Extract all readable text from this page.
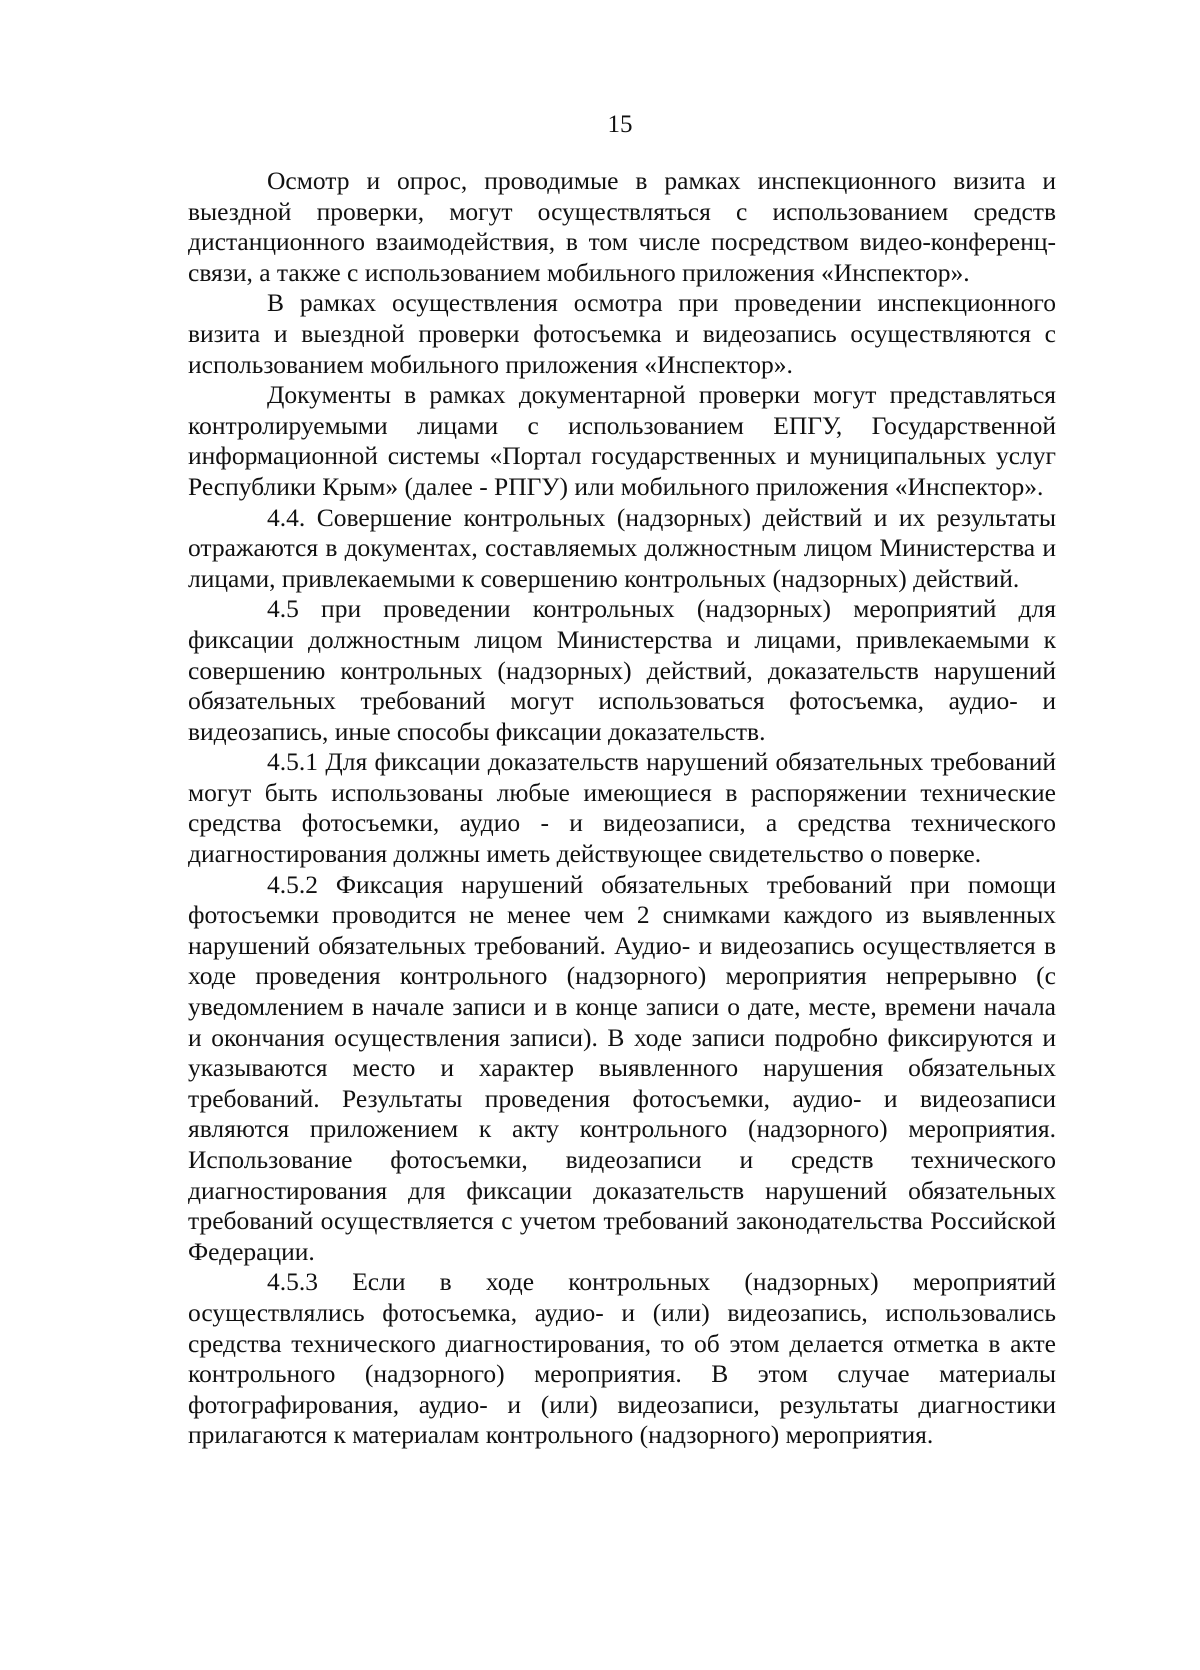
15

Осмотр и опрос, проводимые в рамках инспекционного визита и выездной проверки, могут осуществляться с использованием средств дистанционного взаимодействия, в том числе посредством видео-конференц-связи, а также с использованием мобильного приложения «Инспектор».

В рамках осуществления осмотра при проведении инспекционного визита и выездной проверки фотосъемка и видеозапись осуществляются с использованием мобильного приложения «Инспектор».

Документы в рамках документарной проверки могут представляться контролируемыми лицами с использованием ЕПГУ, Государственной информационной системы «Портал государственных и муниципальных услуг Республики Крым» (далее - РПГУ) или мобильного приложения «Инспектор».

4.4. Совершение контрольных (надзорных) действий и их результаты отражаются в документах, составляемых должностным лицом Министерства и лицами, привлекаемыми к совершению контрольных (надзорных) действий.

4.5 при проведении контрольных (надзорных) мероприятий для фиксации должностным лицом Министерства и лицами, привлекаемыми к совершению контрольных (надзорных) действий, доказательств нарушений обязательных требований могут использоваться фотосъемка, аудио- и видеозапись, иные способы фиксации доказательств.

4.5.1 Для фиксации доказательств нарушений обязательных требований могут быть использованы любые имеющиеся в распоряжении технические средства фотосъемки, аудио - и видеозаписи, а средства технического диагностирования должны иметь действующее свидетельство о поверке.

4.5.2 Фиксация нарушений обязательных требований при помощи фотосъемки проводится не менее чем 2 снимками каждого из выявленных нарушений обязательных требований. Аудио- и видеозапись осуществляется в ходе проведения контрольного (надзорного) мероприятия непрерывно (с уведомлением в начале записи и в конце записи о дате, месте, времени начала и окончания осуществления записи). В ходе записи подробно фиксируются и указываются место и характер выявленного нарушения обязательных требований. Результаты проведения фотосъемки, аудио- и видеозаписи являются приложением к акту контрольного (надзорного) мероприятия. Использование фотосъемки, видеозаписи и средств технического диагностирования для фиксации доказательств нарушений обязательных требований осуществляется с учетом требований законодательства Российской Федерации.

4.5.3 Если в ходе контрольных (надзорных) мероприятий осуществлялись фотосъемка, аудио- и (или) видеозапись, использовались средства технического диагностирования, то об этом делается отметка в акте контрольного (надзорного) мероприятия. В этом случае материалы фотографирования, аудио- и (или) видеозаписи, результаты диагностики прилагаются к материалам контрольного (надзорного) мероприятия.
